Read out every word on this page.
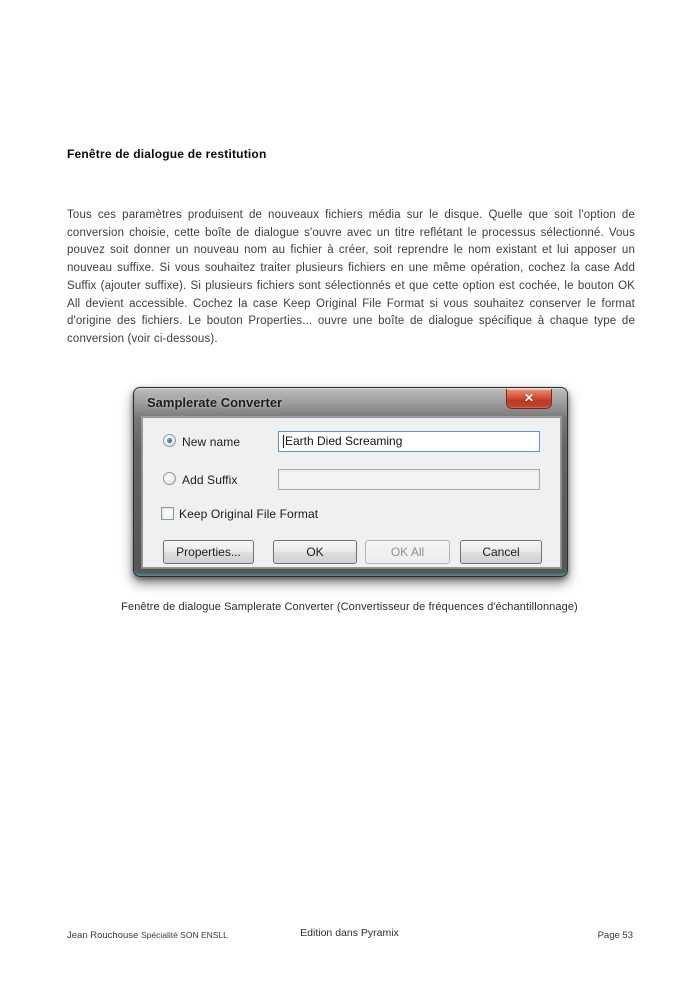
Fenêtre de dialogue de restitution
Tous ces paramètres produisent de nouveaux fichiers média sur le disque. Quelle que soit l'option de conversion choisie, cette boîte de dialogue s'ouvre avec un titre reflétant le processus sélectionné. Vous pouvez soit donner un nouveau nom au fichier à créer, soit reprendre le nom existant et lui apposer un nouveau suffixe. Si vous souhaitez traiter plusieurs fichiers en une même opération, cochez la case Add Suffix (ajouter suffixe). Si plusieurs fichiers sont sélectionnés et que cette option est cochée, le bouton OK All devient accessible. Cochez la case Keep Original File Format si vous souhaitez conserver le format d'origine des fichiers. Le bouton Properties... ouvre une boîte de dialogue spécifique à chaque type de conversion (voir ci-dessous).
Samplerate Converter	✕
New name	Earth Died Screaming
Add Suffix
Keep Original File Format
Properties...	OK	OK All	Cancel
Fenêtre de dialogue Samplerate Converter (Convertisseur de fréquences d'échantillonnage)
Jean Rouchouse Spécialité SON ENSLL	Edition dans Pyramix	Page 53
